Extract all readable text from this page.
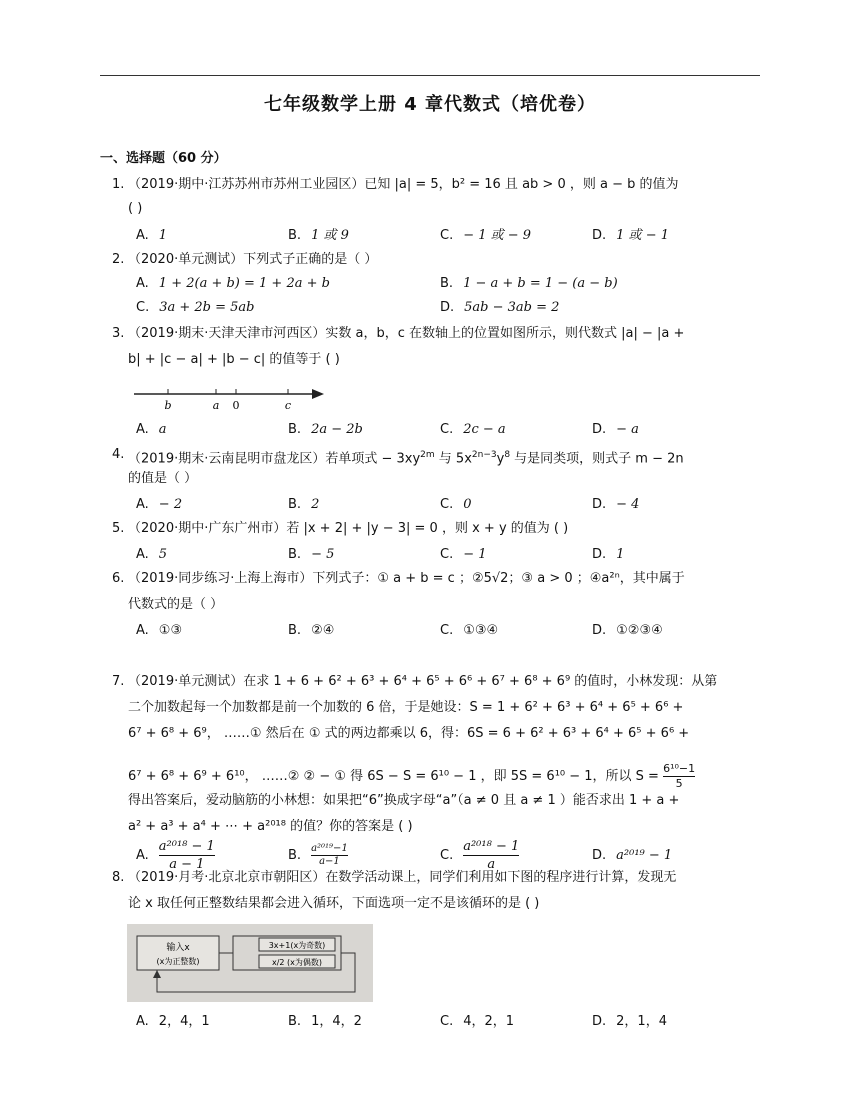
七年级数学上册 4 章代数式（培优卷）
一、选择题（60 分）
1. （2019·期中·江苏苏州市苏州工业园区）已知 |a| = 5，b² = 16 且 ab > 0 ，则 a − b 的值为
( )
A. 1	B. 1 或 9	C. − 1 或 − 9	D. 1 或 − 1
2. （2020·单元测试）下列式子正确的是（ ）
A. 1 + 2(a + b) = 1 + 2a + b	B. 1 − a + b = 1 − (a − b)
C. 3a + 2b = 5ab	D. 5ab − 3ab = 2
3. （2019·期末·天津天津市河西区）实数 a，b，c 在数轴上的位置如图所示，则代数式 |a| − |a +
b| + |c − a| + |b − c| 的值等于 ( )
b	a 0	c
A. a	B. 2a − 2b	C. 2c − a	D. − a
4. （2019·期末·云南昆明市盘龙区）若单项式 − $3xy^{2m}$ 与 $5x^{2n-3}y^8$ 与是同类项，则式子 m − 2n
的值是（ ）
A. − 2	B. 2	C. 0	D. − 4
5. （2020·期中·广东广州市）若 |x + 2| + |y − 3| = 0 ，则 x + y 的值为 ( )
A. 5	B. − 5	C. − 1	D. 1
6. （2019·同步练习·上海上海市）下列式子：① a + b = c ；②5√2；③ a > 0 ；④a²ⁿ，其中属于
代数式的是（ ）
A. ①③	B. ②④	C. ①③④	D. ①②③④
7. （2019·单元测试）在求 1 + 6 + 6² + 6³ + 6⁴ + 6⁵ + 6⁶ + 6⁷ + 6⁸ + 6⁹ 的值时，小林发现：从第
二个加数起每一个加数都是前一个加数的 6 倍，于是她设：S = 1 + 6² + 6³ + 6⁴ + 6⁵ + 6⁶ +
6⁷ + 6⁸ + 6⁹， ……① 然后在 ① 式的两边都乘以 6，得：6S = 6 + 6² + 6³ + 6⁴ + 6⁵ + 6⁶ +
6⁷ + 6⁸ + 6⁹ + 6¹⁰， ……② ② − ① 得 6S − S = 6¹⁰ − 1 ，即 5S = 6¹⁰ − 1，所以 $S = \frac{\text{6¹⁰−1}}{5}$
得出答案后，爱动脑筋的小林想：如果把“6”换成字母“a”（a ≠ 0 且 a ≠ 1 ）能否求出 1 + a +
a² + a³ + a⁴ + ⋯ + a²⁰¹⁸ 的值？你的答案是 ( )
A. $\frac{\text{a²⁰¹⁸ − 1}}{a - 1}$	B. $\frac{\text{a²⁰¹⁹−1}}{a-1}$	C. $\frac{\text{a²⁰¹⁸ − 1}}{a}$	D. a²⁰¹⁹ − 1
8. （2019·月考·北京北京市朝阳区）在数学活动课上，同学们利用如下图的程序进行计算，发现无
论 x 取任何正整数结果都会进入循环，下面选项一定不是该循环的是 ( )
输入x
(x为正整数)
3x+1(x为奇数)
x/2 (x为偶数)
A. 2，4，1	B. 1，4，2	C. 4，2，1	D. 2，1，4
